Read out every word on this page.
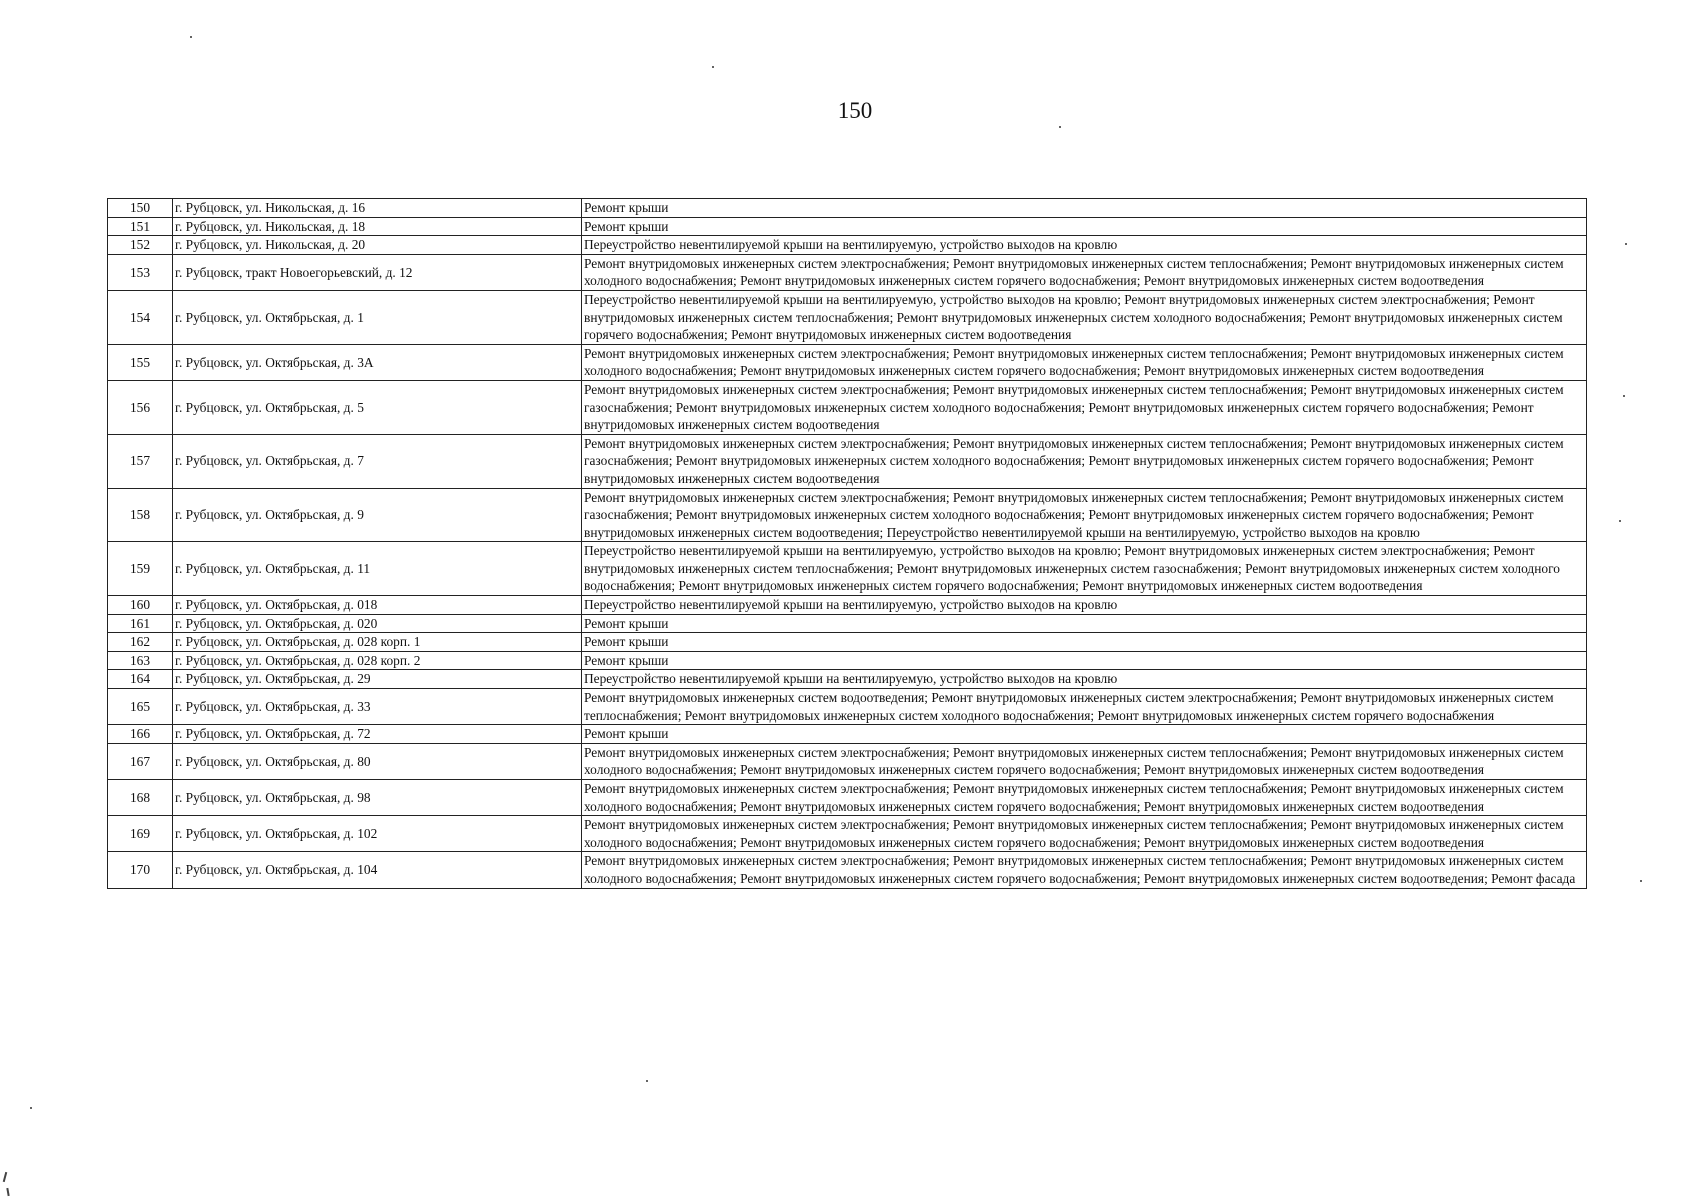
150
150	г. Рубцовск, ул. Никольская, д. 16	Ремонт крыши
151	г. Рубцовск, ул. Никольская, д. 18	Ремонт крыши
152	г. Рубцовск, ул. Никольская, д. 20	Переустройство невентилируемой крыши на вентилируемую, устройство выходов на кровлю
153	г. Рубцовск, тракт Новоегорьевский, д. 12	Ремонт внутридомовых инженерных систем электроснабжения; Ремонт внутридомовых инженерных систем теплоснабжения; Ремонт внутридомовых инженерных систем холодного водоснабжения; Ремонт внутридомовых инженерных систем горячего водоснабжения; Ремонт внутридомовых инженерных систем водоотведения
154	г. Рубцовск, ул. Октябрьская, д. 1	Переустройство невентилируемой крыши на вентилируемую, устройство выходов на кровлю; Ремонт внутридомовых инженерных систем электроснабжения; Ремонт внутридомовых инженерных систем теплоснабжения; Ремонт внутридомовых инженерных систем холодного водоснабжения; Ремонт внутридомовых инженерных систем горячего водоснабжения; Ремонт внутридомовых инженерных систем водоотведения
155	г. Рубцовск, ул. Октябрьская, д. 3А	Ремонт внутридомовых инженерных систем электроснабжения; Ремонт внутридомовых инженерных систем теплоснабжения; Ремонт внутридомовых инженерных систем холодного водоснабжения; Ремонт внутридомовых инженерных систем горячего водоснабжения; Ремонт внутридомовых инженерных систем водоотведения
156	г. Рубцовск, ул. Октябрьская, д. 5	Ремонт внутридомовых инженерных систем электроснабжения; Ремонт внутридомовых инженерных систем теплоснабжения; Ремонт внутридомовых инженерных систем газоснабжения; Ремонт внутридомовых инженерных систем холодного водоснабжения; Ремонт внутридомовых инженерных систем горячего водоснабжения; Ремонт внутридомовых инженерных систем водоотведения
157	г. Рубцовск, ул. Октябрьская, д. 7	Ремонт внутридомовых инженерных систем электроснабжения; Ремонт внутридомовых инженерных систем теплоснабжения; Ремонт внутридомовых инженерных систем газоснабжения; Ремонт внутридомовых инженерных систем холодного водоснабжения; Ремонт внутридомовых инженерных систем горячего водоснабжения; Ремонт внутридомовых инженерных систем водоотведения
158	г. Рубцовск, ул. Октябрьская, д. 9	Ремонт внутридомовых инженерных систем электроснабжения; Ремонт внутридомовых инженерных систем теплоснабжения; Ремонт внутридомовых инженерных систем газоснабжения; Ремонт внутридомовых инженерных систем холодного водоснабжения; Ремонт внутридомовых инженерных систем горячего водоснабжения; Ремонт внутридомовых инженерных систем водоотведения; Переустройство невентилируемой крыши на вентилируемую, устройство выходов на кровлю
159	г. Рубцовск, ул. Октябрьская, д. 11	Переустройство невентилируемой крыши на вентилируемую, устройство выходов на кровлю; Ремонт внутридомовых инженерных систем электроснабжения; Ремонт внутридомовых инженерных систем теплоснабжения; Ремонт внутридомовых инженерных систем газоснабжения; Ремонт внутридомовых инженерных систем холодного водоснабжения; Ремонт внутридомовых инженерных систем горячего водоснабжения; Ремонт внутридомовых инженерных систем водоотведения
160	г. Рубцовск, ул. Октябрьская, д. 018	Переустройство невентилируемой крыши на вентилируемую, устройство выходов на кровлю
161	г. Рубцовск, ул. Октябрьская, д. 020	Ремонт крыши
162	г. Рубцовск, ул. Октябрьская, д. 028 корп. 1	Ремонт крыши
163	г. Рубцовск, ул. Октябрьская, д. 028 корп. 2	Ремонт крыши
164	г. Рубцовск, ул. Октябрьская, д. 29	Переустройство невентилируемой крыши на вентилируемую, устройство выходов на кровлю
165	г. Рубцовск, ул. Октябрьская, д. 33	Ремонт внутридомовых инженерных систем водоотведения; Ремонт внутридомовых инженерных систем электроснабжения; Ремонт внутридомовых инженерных систем теплоснабжения; Ремонт внутридомовых инженерных систем холодного водоснабжения; Ремонт внутридомовых инженерных систем горячего водоснабжения
166	г. Рубцовск, ул. Октябрьская, д. 72	Ремонт крыши
167	г. Рубцовск, ул. Октябрьская, д. 80	Ремонт внутридомовых инженерных систем электроснабжения; Ремонт внутридомовых инженерных систем теплоснабжения; Ремонт внутридомовых инженерных систем холодного водоснабжения; Ремонт внутридомовых инженерных систем горячего водоснабжения; Ремонт внутридомовых инженерных систем водоотведения
168	г. Рубцовск, ул. Октябрьская, д. 98	Ремонт внутридомовых инженерных систем электроснабжения; Ремонт внутридомовых инженерных систем теплоснабжения; Ремонт внутридомовых инженерных систем холодного водоснабжения; Ремонт внутридомовых инженерных систем горячего водоснабжения; Ремонт внутридомовых инженерных систем водоотведения
169	г. Рубцовск, ул. Октябрьская, д. 102	Ремонт внутридомовых инженерных систем электроснабжения; Ремонт внутридомовых инженерных систем теплоснабжения; Ремонт внутридомовых инженерных систем холодного водоснабжения; Ремонт внутридомовых инженерных систем горячего водоснабжения; Ремонт внутридомовых инженерных систем водоотведения
170	г. Рубцовск, ул. Октябрьская, д. 104	Ремонт внутридомовых инженерных систем электроснабжения; Ремонт внутридомовых инженерных систем теплоснабжения; Ремонт внутридомовых инженерных систем холодного водоснабжения; Ремонт внутридомовых инженерных систем горячего водоснабжения; Ремонт внутридомовых инженерных систем водоотведения; Ремонт фасада
